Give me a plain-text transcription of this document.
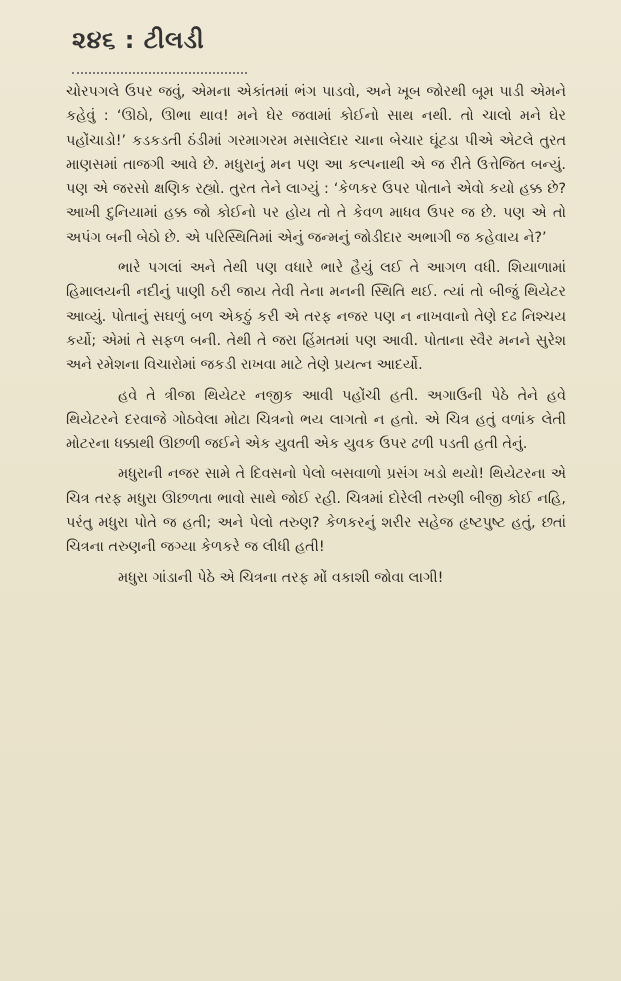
૨૪૬ : ટીલડી

ચોરપગલે ઉપર જવું, એમના એકાંતમાં ભંગ પાડવો, અને ખૂબ જોરથી બૂમ પાડી એમને કહેવું : ‘ઊઠો, ઊભા થાવ! મને ઘેર જવામાં કોઈનો સાથ નથી. તો ચાલો મને ઘેર પહોંચાડો!’ કડકડતી ઠંડીમાં ગરમાગરમ મસાલેદાર ચાના બેચાર ઘૂંટડા પીએ એટલે તુરત માણસમાં તાજગી આવે છે. મધુરાનું મન પણ આ કલ્પનાથી એ જ રીતે ઉત્તેજિત બન્યું. પણ એ જરસો ક્ષણિક રહ્યો. તુરત તેને લાગ્યું : ‘કેળકર ઉપર પોતાને એવો કયો હક્ક છે? આખી દુનિયામાં હક્ક જો કોઈનો પર હોય તો તે કેવળ માધવ ઉપર જ છે. પણ એ તો અપંગ બની બેઠો છે. એ પરિસ્થિતિમાં એનું જન્મનું જોડીદાર અભાગી જ કહેવાય ને?’

ભારે પગલાં અને તેથી પણ વધારે ભારે હૈયું લઈ તે આગળ વધી. શિયાળામાં હિમાલયની નદીનું પાણી ઠરી જાય તેવી તેના મનની સ્થિતિ થઈ. ત્યાં તો બીજું થિયેટર આવ્યું. પોતાનું સઘળું બળ એકઠું કરી એ તરફ નજર પણ ન નાખવાનો તેણે દઢ નિશ્ચય કર્યો; એમાં તે સફળ બની. તેથી તે જરા હિંમતમાં પણ આવી. પોતાના સ્વૈર મનને સુરેશ અને રમેશના વિચારોમાં જકડી રાખવા માટે તેણે પ્રયત્ન આદર્યો.

હવે તે ત્રીજા થિયેટર નજીક આવી પહોંચી હતી. અગાઉની પેઠે તેને હવે થિયેટરને દરવાજે ગોઠવેલા મોટા ચિત્રનો ભય લાગતો ન હતો. એ ચિત્ર હતું વળાંક લેતી મોટરના ધક્કાથી ઊછળી જઈને એક યુવતી એક યુવક ઉપર ઢળી પડતી હતી તેનું.

મધુરાની નજર સામે તે દિવસનો પેલો બસવાળો પ્રસંગ ખડો થયો! થિયેટરના એ ચિત્ર તરફ મધુરા ઊછળતા ભાવો સાથે જોઈ રહી. ચિત્રમાં દોરેલી તરુણી બીજી કોઈ નહિ, પરંતુ મધુરા પોતે જ હતી; અને પેલો તરુણ? કેળકરનું શરીર સહેજ હૃષ્ટપુષ્ટ હતું, છતાં ચિત્રના તરુણની જગ્યા કેળકરે જ લીધી હતી!

મધુરા ગાંડાની પેઠે એ ચિત્રના તરફ મોં વકાશી જોવા લાગી!
